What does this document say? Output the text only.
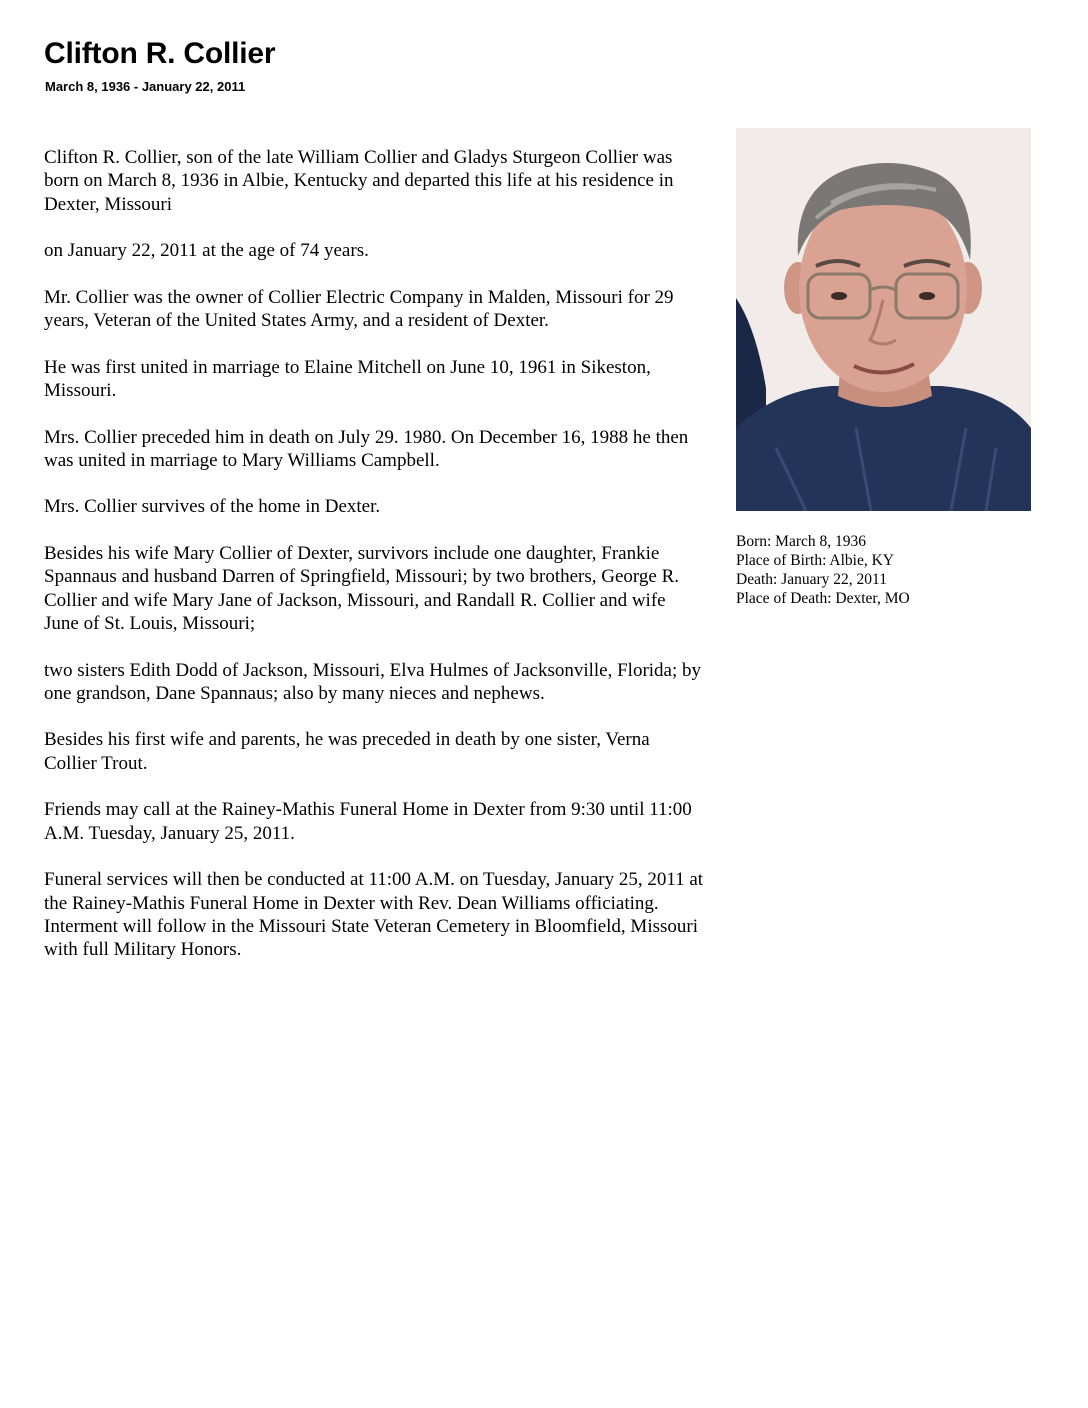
Clifton R. Collier
March 8, 1936 - January 22, 2011

Clifton R. Collier, son of the late William Collier and Gladys Sturgeon Collier was born on March 8, 1936 in Albie, Kentucky and departed this life at his residence in Dexter, Missouri

on January 22, 2011 at the age of 74 years.

Mr. Collier was the owner of Collier Electric Company in Malden, Missouri for 29 years, Veteran of the United States Army, and a resident of Dexter.

He was first united in marriage to Elaine Mitchell on June 10, 1961 in Sikeston, Missouri.

Mrs. Collier preceded him in death on July 29. 1980. On December 16, 1988 he then was united in marriage to Mary Williams Campbell.

Mrs. Collier survives of the home in Dexter.

Besides his wife Mary Collier of Dexter, survivors include one daughter, Frankie Spannaus and husband Darren of Springfield, Missouri; by two brothers, George R. Collier and wife Mary Jane of Jackson, Missouri, and Randall R. Collier and wife June of St. Louis, Missouri;

two sisters Edith Dodd of Jackson, Missouri, Elva Hulmes of Jacksonville, Florida; by one grandson, Dane Spannaus; also by many nieces and nephews.

Besides his first wife and parents, he was preceded in death by one sister, Verna Collier Trout.

Friends may call at the Rainey-Mathis Funeral Home in Dexter from 9:30 until 11:00 A.M. Tuesday, January 25, 2011.

Funeral services will then be conducted at 11:00 A.M. on Tuesday, January 25, 2011 at the Rainey-Mathis Funeral Home in Dexter with Rev. Dean Williams officiating. Interment will follow in the Missouri State Veteran Cemetery in Bloomfield, Missouri with full Military Honors.

Born: March 8, 1936
Place of Birth: Albie, KY
Death: January 22, 2011
Place of Death: Dexter, MO
